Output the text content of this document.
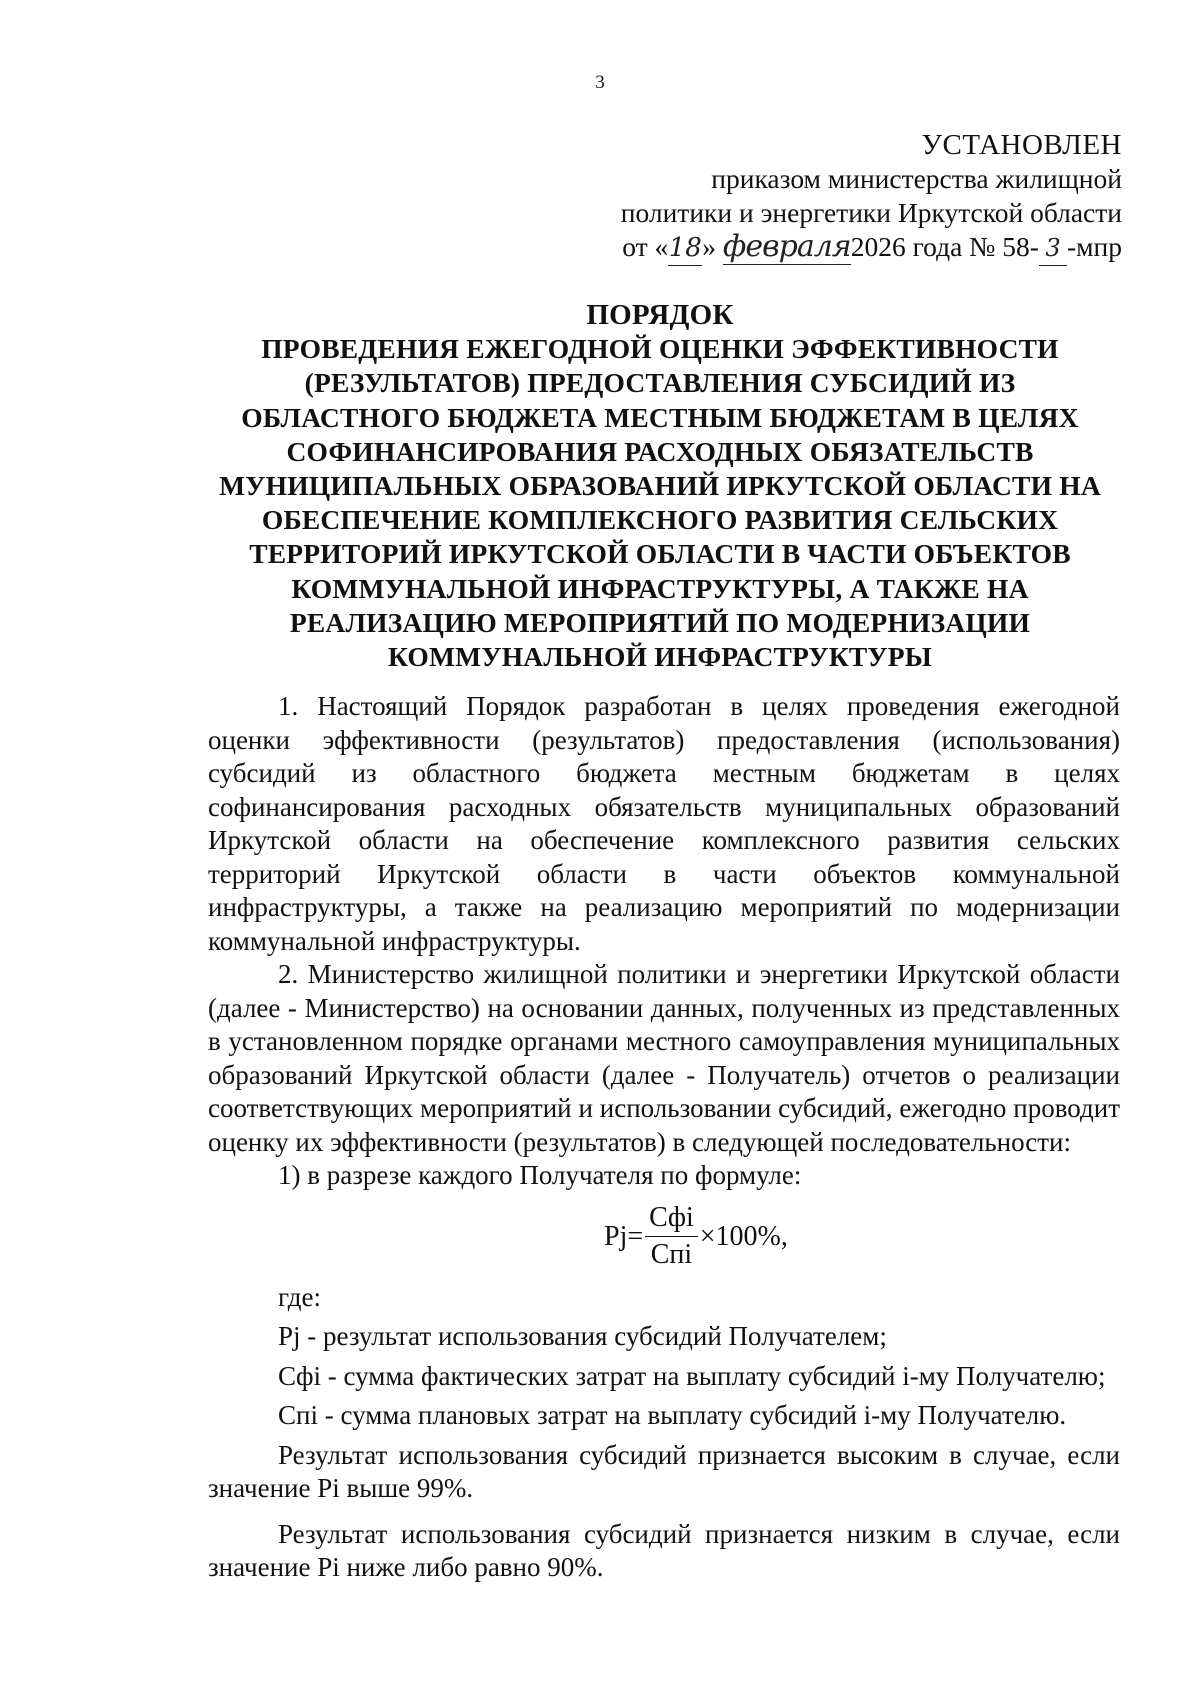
3
УСТАНОВЛЕН
приказом министерства жилищной
политики и энергетики Иркутской области
от «18» февраля2026 года № 58- 3 -мпр
ПОРЯДОК
ПРОВЕДЕНИЯ ЕЖЕГОДНОЙ ОЦЕНКИ ЭФФЕКТИВНОСТИ
(РЕЗУЛЬТАТОВ) ПРЕДОСТАВЛЕНИЯ СУБСИДИЙ ИЗ
ОБЛАСТНОГО БЮДЖЕТА МЕСТНЫМ БЮДЖЕТАМ В ЦЕЛЯХ
СОФИНАНСИРОВАНИЯ РАСХОДНЫХ ОБЯЗАТЕЛЬСТВ
МУНИЦИПАЛЬНЫХ ОБРАЗОВАНИЙ ИРКУТСКОЙ ОБЛАСТИ НА
ОБЕСПЕЧЕНИЕ КОМПЛЕКСНОГО РАЗВИТИЯ СЕЛЬСКИХ
ТЕРРИТОРИЙ ИРКУТСКОЙ ОБЛАСТИ В ЧАСТИ ОБЪЕКТОВ
КОММУНАЛЬНОЙ ИНФРАСТРУКТУРЫ, А ТАКЖЕ НА
РЕАЛИЗАЦИЮ МЕРОПРИЯТИЙ ПО МОДЕРНИЗАЦИИ
КОММУНАЛЬНОЙ ИНФРАСТРУКТУРЫ

1. Настоящий Порядок разработан в целях проведения ежегодной оценки эффективности (результатов) предоставления (использования) субсидий из областного бюджета местным бюджетам в целях софинансирования расходных обязательств муниципальных образований Иркутской области на обеспечение комплексного развития сельских территорий Иркутской области в части объектов коммунальной инфраструктуры, а также на реализацию мероприятий по модернизации коммунальной инфраструктуры.

2. Министерство жилищной политики и энергетики Иркутской области (далее - Министерство) на основании данных, полученных из представленных в установленном порядке органами местного самоуправления муниципальных образований Иркутской области (далее - Получатель) отчетов о реализации соответствующих мероприятий и использовании субсидий, ежегодно проводит оценку их эффективности (результатов) в следующей последовательности:

1) в разрезе каждого Получателя по формуле:

$Pj= \frac{\text{Сфi}}{\text{Спi}} \times 100\%$,

где:

Pj - результат использования субсидий Получателем;

Сфi - сумма фактических затрат на выплату субсидий i-му Получателю;

Спi - сумма плановых затрат на выплату субсидий i-му Получателю.

Результат использования субсидий признается высоким в случае, если значение Pi выше 99%.

Результат использования субсидий признается низким в случае, если значение Pi ниже либо равно 90%.
